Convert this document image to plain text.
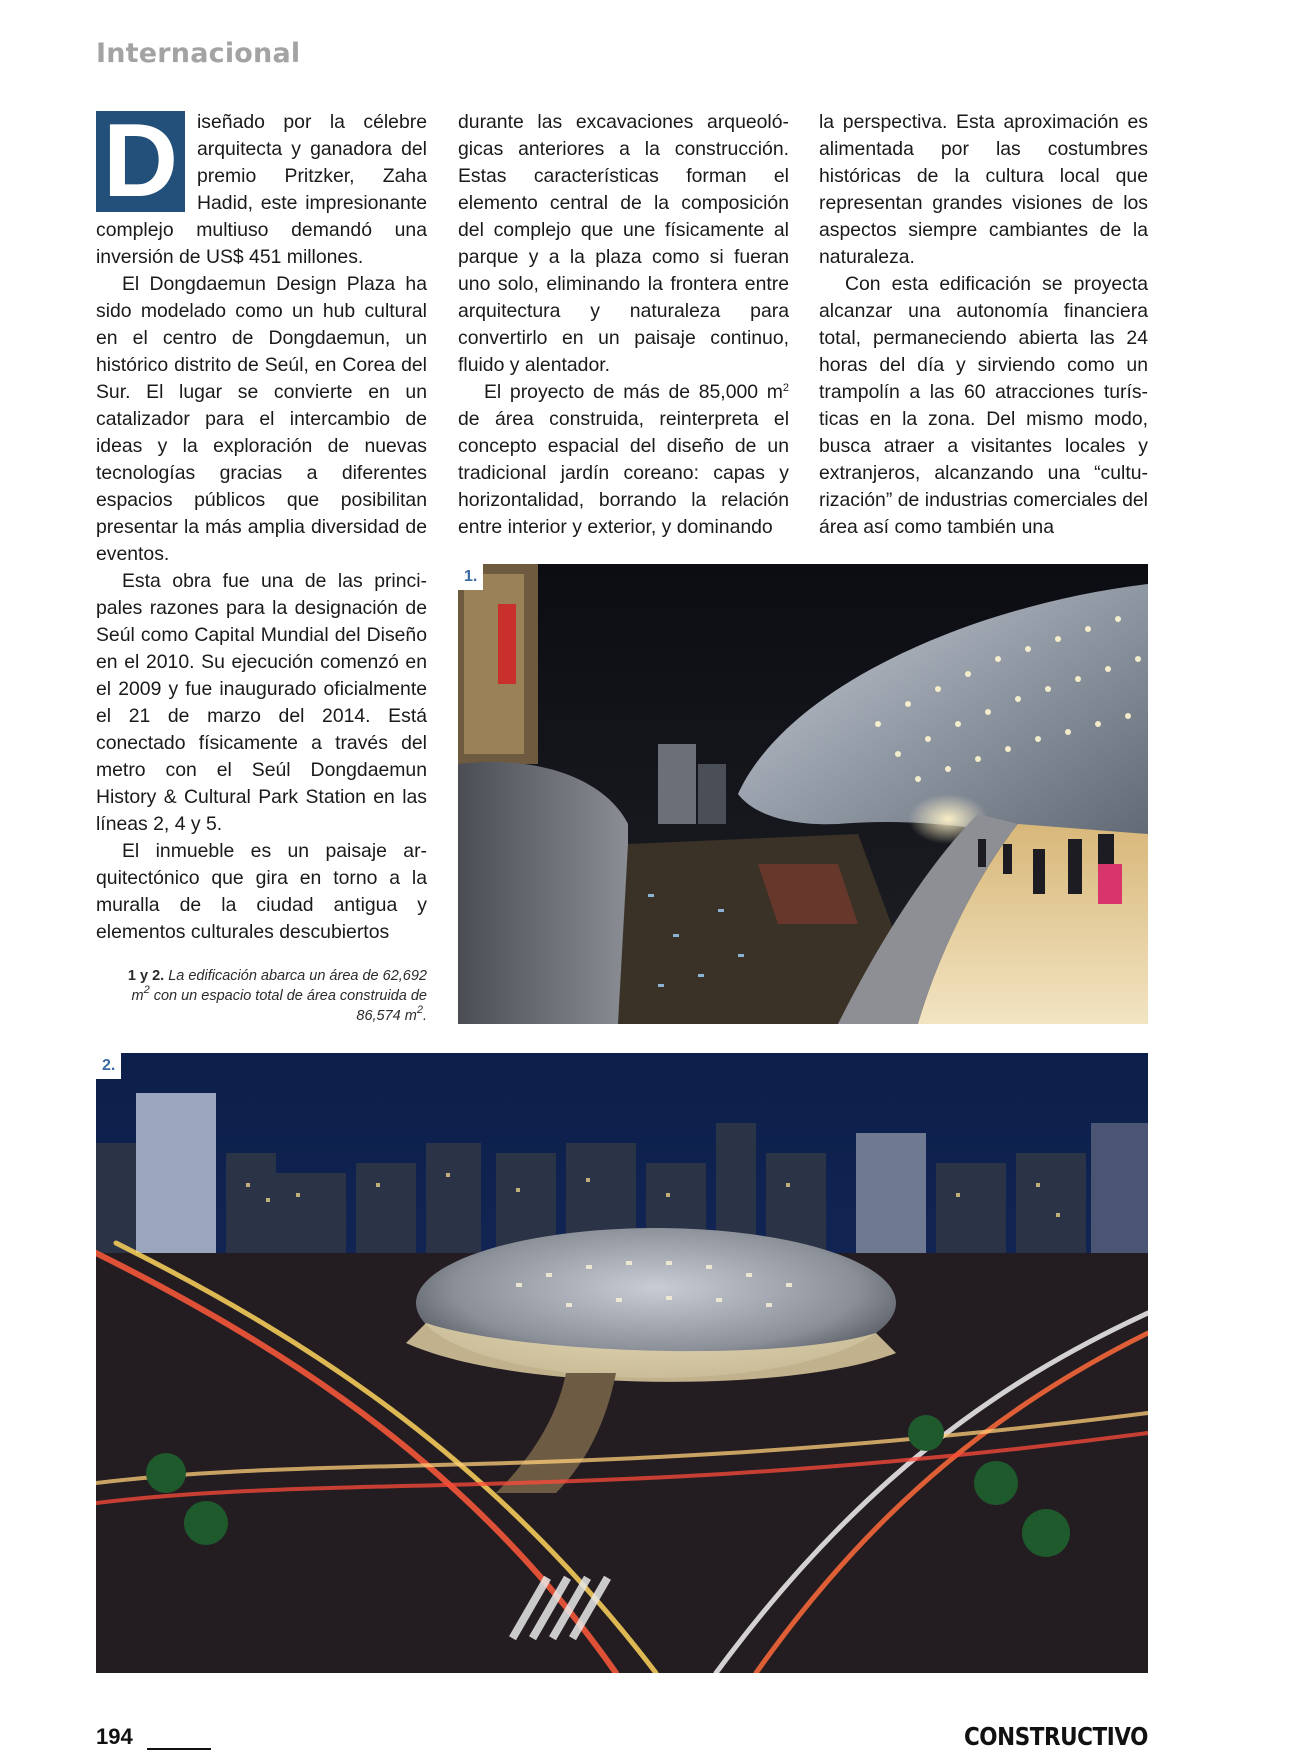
Internacional

D iseñado por la célebre arquitecta y ganadora del premio Pritzker, Zaha Hadid, este impresionante complejo multiuso demandó una inversión de US$ 451 millones.

El Dongdaemun Design Plaza ha sido modelado como un hub cultural en el centro de Dongdaemun, un histórico distrito de Seúl, en Corea del Sur. El lugar se convierte en un catalizador para el intercambio de ideas y la exploración de nuevas tecnologías gracias a diferentes espacios públicos que posibilitan presentar la más amplia diversidad de eventos.

Esta obra fue una de las principales razones para la designación de Seúl como Capital Mundial del Diseño en el 2010. Su ejecución comenzó en el 2009 y fue inaugurado oficialmente el 21 de marzo del 2014. Está conectado físicamente a través del metro con el Seúl Dongdaemun History & Cultural Park Station en las líneas 2, 4 y 5.

El inmueble es un paisaje arquitectónico que gira en torno a la muralla de la ciudad antigua y elementos culturales descubiertos

durante las excavaciones arqueológicas anteriores a la construcción. Estas características forman el elemento central de la composición del complejo que une físicamente al parque y a la plaza como si fueran uno solo, eliminando la frontera entre arquitectura y naturaleza para convertirlo en un paisaje continuo, fluido y alentador.

El proyecto de más de 85,000 $m^2$ de área construida, reinterpreta el concepto espacial del diseño de un tradicional jardín coreano: capas y horizontalidad, borrando la relación entre interior y exterior, y dominando

la perspectiva. Esta aproximación es alimentada por las costumbres históricas de la cultura local que representan grandes visiones de los aspectos siempre cambiantes de la naturaleza.

Con esta edificación se proyecta alcanzar una autonomía financiera total, permaneciendo abierta las 24 horas del día y sirviendo como un trampolín a las 60 atracciones turísticas en la zona. Del mismo modo, busca atraer a visitantes locales y extranjeros, alcanzando una “culturización” de industrias comerciales del área así como también una

1 y 2. La edificación abarca un área de 62,692 $m^2$ con un espacio total de área construida de 86,574 $m^2$.
1.
2.
194	CONSTRUCTIVO
